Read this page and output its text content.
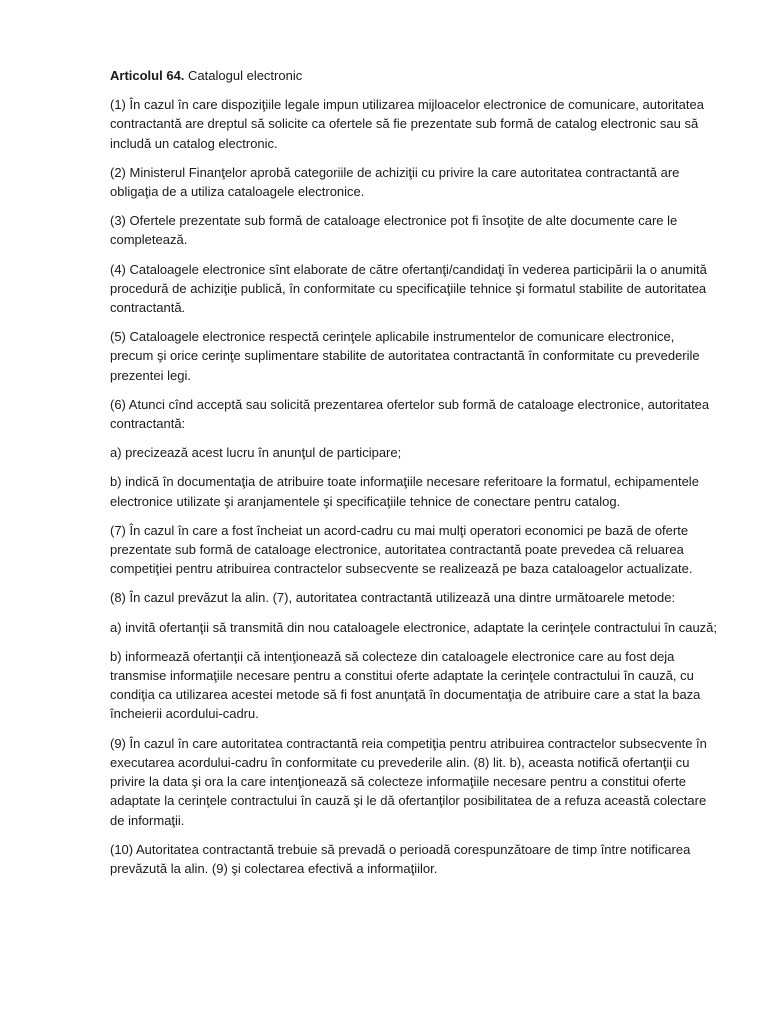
Articolul 64. Catalogul electronic

(1) În cazul în care dispoziţiile legale impun utilizarea mijloacelor electronice de comunicare, autoritatea contractantă are dreptul să solicite ca ofertele să fie prezentate sub formă de catalog electronic sau să includă un catalog electronic.

(2) Ministerul Finanţelor aprobă categoriile de achiziţii cu privire la care autoritatea contractantă are obligaţia de a utiliza cataloagele electronice.

(3) Ofertele prezentate sub formă de cataloage electronice pot fi însoţite de alte documente care le completează.

(4) Cataloagele electronice sînt elaborate de către ofertanţi/candidaţi în vederea participării la o anumită procedură de achiziţie publică, în conformitate cu specificaţiile tehnice şi formatul stabilite de autoritatea contractantă.

(5) Cataloagele electronice respectă cerinţele aplicabile instrumentelor de comunicare electronice, precum şi orice cerinţe suplimentare stabilite de autoritatea contractantă în conformitate cu prevederile prezentei legi.

(6) Atunci cînd acceptă sau solicită prezentarea ofertelor sub formă de cataloage electronice, autoritatea contractantă:

a) precizează acest lucru în anunţul de participare;

b) indică în documentaţia de atribuire toate informaţiile necesare referitoare la formatul, echipamentele electronice utilizate şi aranjamentele şi specificaţiile tehnice de conectare pentru catalog.

(7) În cazul în care a fost încheiat un acord-cadru cu mai mulţi operatori economici pe bază de oferte prezentate sub formă de cataloage electronice, autoritatea contractantă poate prevedea că reluarea competiţiei pentru atribuirea contractelor subsecvente se realizează pe baza cataloagelor actualizate.

(8) În cazul prevăzut la alin. (7), autoritatea contractantă utilizează una dintre următoarele metode:

a) invită ofertanţii să transmită din nou cataloagele electronice, adaptate la cerinţele contractului în cauză;

b) informează ofertanţii că intenţionează să colecteze din cataloagele electronice care au fost deja transmise informaţiile necesare pentru a constitui oferte adaptate la cerinţele contractului în cauză, cu condiţia ca utilizarea acestei metode să fi fost anunţată în documentaţia de atribuire care a stat la baza încheierii acordului-cadru.

(9) În cazul în care autoritatea contractantă reia competiţia pentru atribuirea contractelor subsecvente în executarea acordului-cadru în conformitate cu prevederile alin. (8) lit. b), aceasta notifică ofertanţii cu privire la data şi ora la care intenţionează să colecteze informaţiile necesare pentru a constitui oferte adaptate la cerinţele contractului în cauză şi le dă ofertanţilor posibilitatea de a refuza această colectare de informaţii.

(10) Autoritatea contractantă trebuie să prevadă o perioadă corespunzătoare de timp între notificarea prevăzută la alin. (9) şi colectarea efectivă a informaţiilor.
